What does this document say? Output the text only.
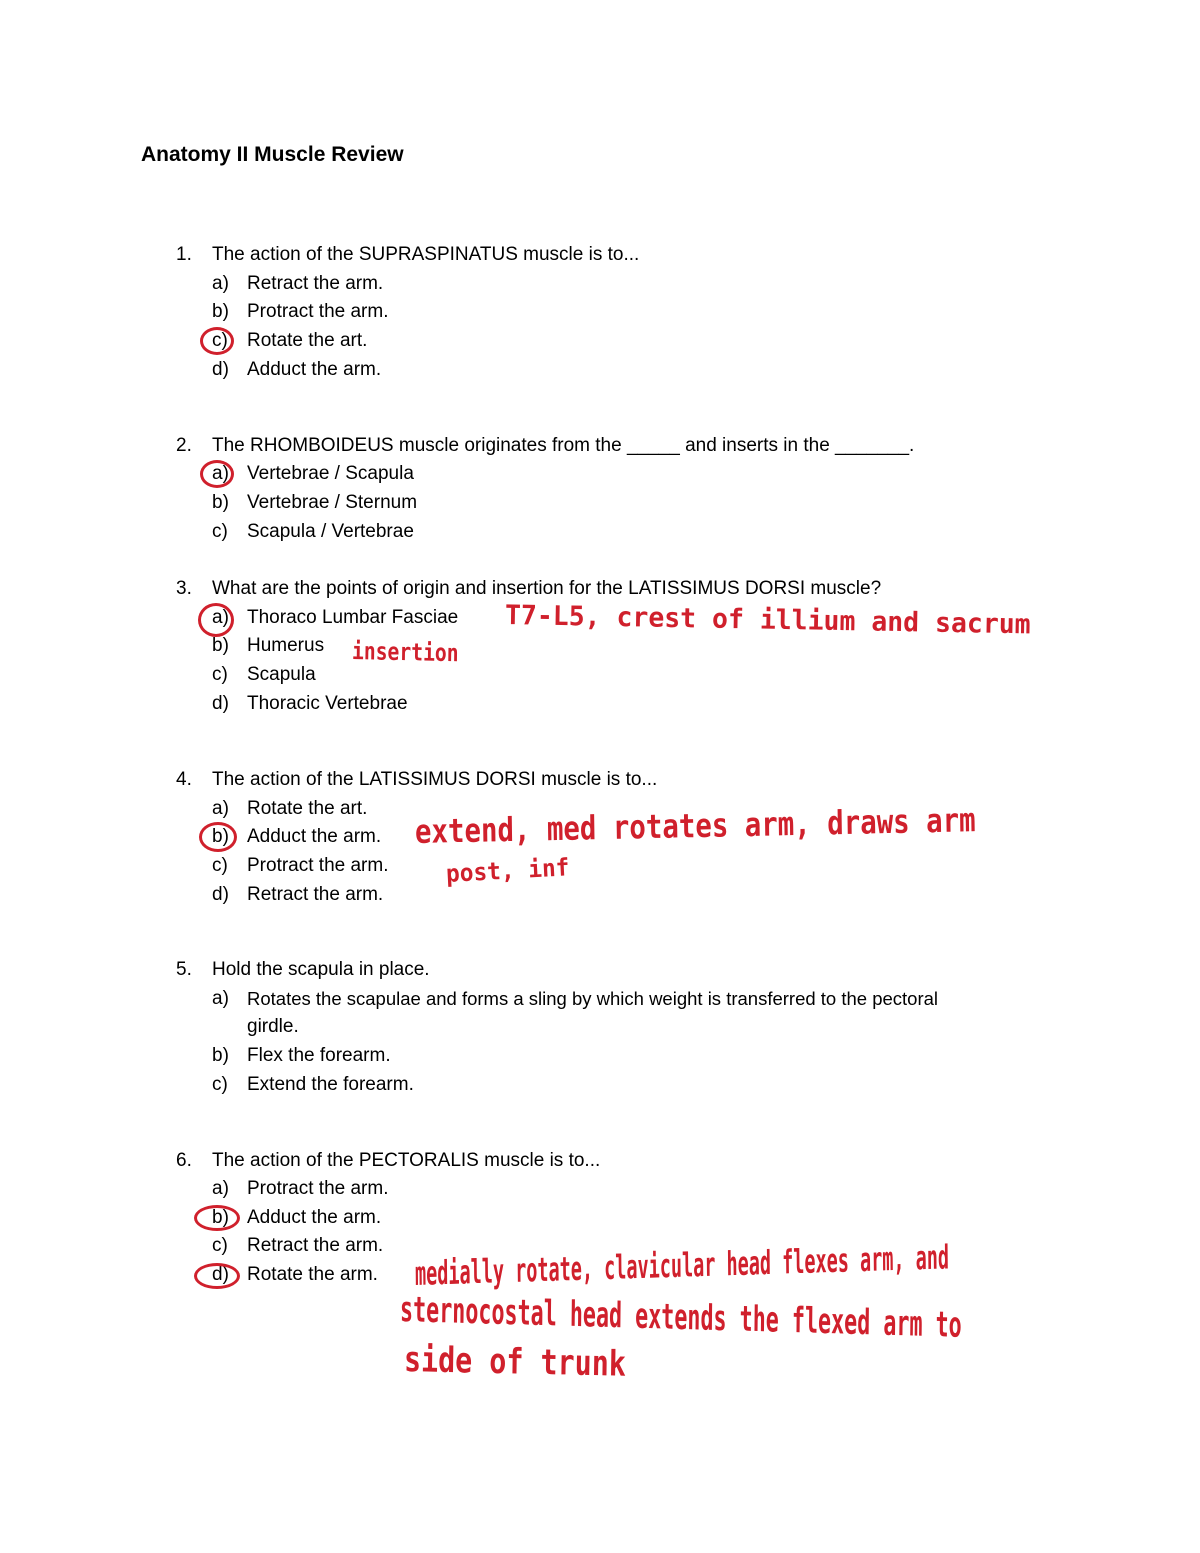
Anatomy II Muscle Review
1. The action of the SUPRASPINATUS muscle is to...
a) Retract the arm.
b) Protract the arm.
c) Rotate the art.
d) Adduct the arm.
2. The RHOMBOIDEUS muscle originates from the _____ and inserts in the _______.
a) Vertebrae / Scapula
b) Vertebrae / Sternum
c) Scapula / Vertebrae
3. What are the points of origin and insertion for the LATISSIMUS DORSI muscle?
a) Thoraco Lumbar Fasciae
b) Humerus
c) Scapula
d) Thoracic Vertebrae
T7-L5, crest of illium and sacrum
insertion
4. The action of the LATISSIMUS DORSI muscle is to...
a) Rotate the art.
b) Adduct the arm.
c) Protract the arm.
d) Retract the arm.
extend, med rotates arm, draws arm
post, inf
5. Hold the scapula in place.
a) Rotates the scapulae and forms a sling by which weight is transferred to the pectoral
girdle.
b) Flex the forearm.
c) Extend the forearm.
6. The action of the PECTORALIS muscle is to...
a) Protract the arm.
b) Adduct the arm.
c) Retract the arm.
d) Rotate the arm. medially rotate, clavicular head flexes arm, and
sternocostal head extends the flexed arm to
side of trunk
